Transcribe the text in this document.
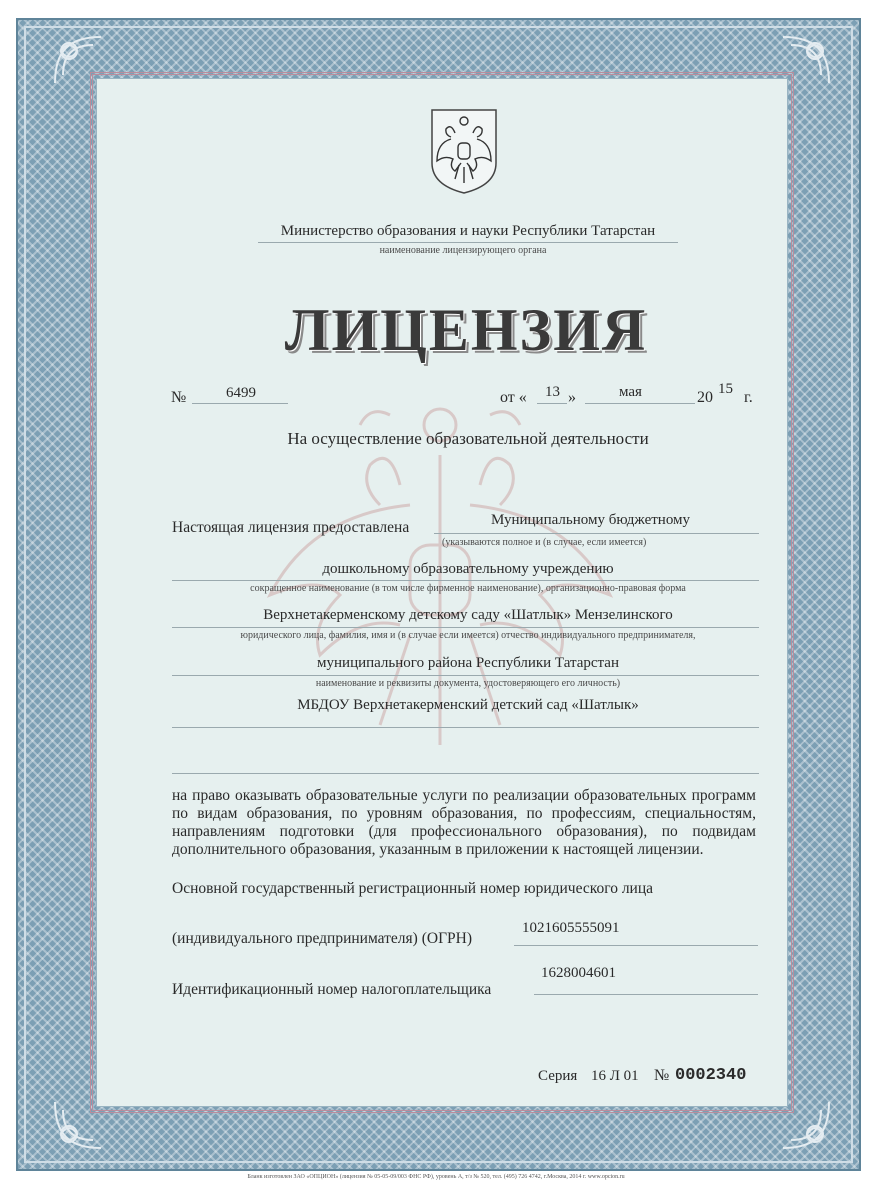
Министерство образования и науки Республики Татарстан
наименование лицензирующего органа
ЛИЦЕНЗИЯ
№	6499	от « 13 »	мая	20 15 г.
На осуществление образовательной деятельности
Настоящая лицензия предоставлена	Муниципальному бюджетному
(указываются полное и (в случае, если имеется)
дошкольному образовательному учреждению
сокращенное наименование (в том числе фирменное наименование), организационно-правовая форма
Верхнетакерменскому детскому саду «Шатлык» Мензелинского
юридического лица, фамилия, имя и (в случае если имеется) отчество индивидуального предпринимателя,
муниципального района Республики Татарстан
наименование и реквизиты документа, удостоверяющего его личность)
МБДОУ Верхнетакерменский детский сад «Шатлык»
на право оказывать образовательные услуги по реализации образовательных программ по видам образования, по уровням образования, по профессиям, специальностям, направлениям подготовки (для профессионального образования), по подвидам дополнительного образования, указанным в приложении к настоящей лицензии.
Основной государственный регистрационный номер юридического лица
(индивидуального предпринимателя) (ОГРН)
1021605555091
Идентификационный номер налогоплательщика
1628004601
Серия 16 Л 01 № 0002340
Бланк изготовлен ЗАО «ОПЦИОН» (лицензия № 05-05-09/003 ФНС РФ), уровень А, т/з № 520, тел. (495) 726 4742, г.Москва, 2014 г. www.opcion.ru
